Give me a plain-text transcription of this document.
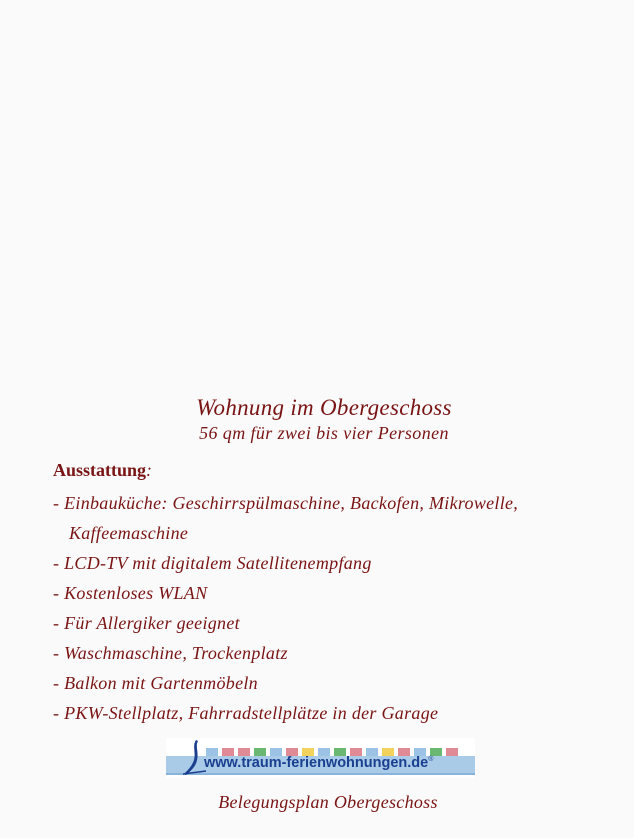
Wohnung im Obergeschoss
56 qm für zwei bis vier Personen
Ausstattung:
- Einbauküche: Geschirrspülmaschine, Backofen, Mikrowelle,
Kaffeemaschine
- LCD-TV mit digitalem Satellitenempfang
- Kostenloses WLAN
- Für Allergiker geeignet
- Waschmaschine, Trockenplatz
- Balkon mit Gartenmöbeln
- PKW-Stellplatz, Fahrradstellplätze in der Garage
www.traum-ferienwohnungen.de®
Belegungsplan Obergeschoss
